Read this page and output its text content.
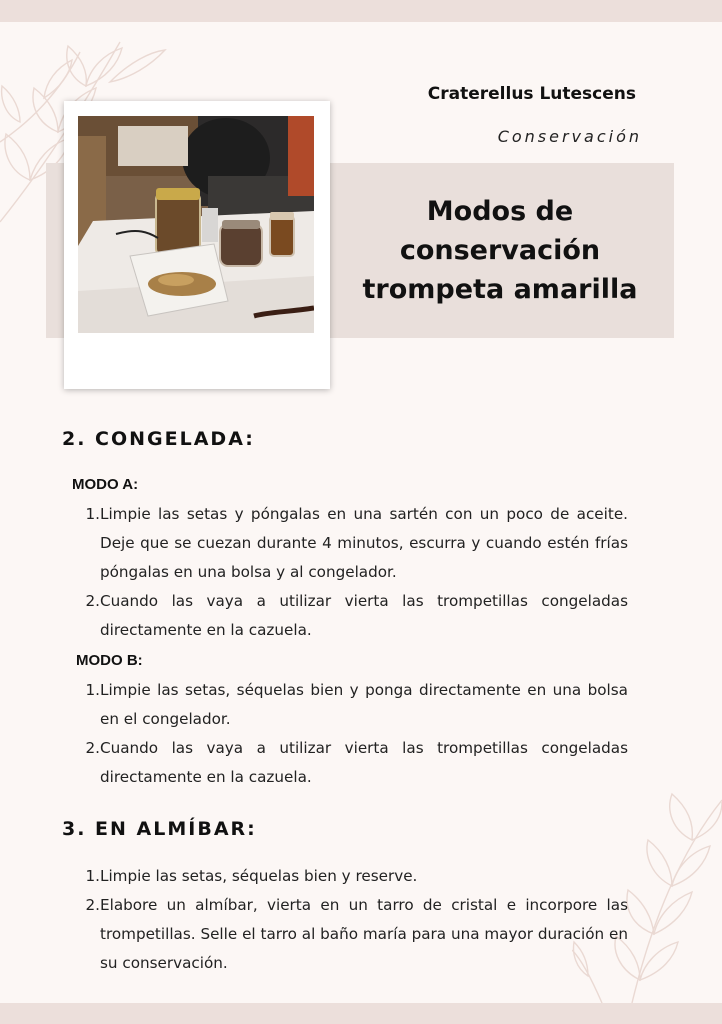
Craterellus Lutescens

Conservación

Modos de conservación trompeta amarilla
2. CONGELADA:

MODO A:

1. Limpie las setas y póngalas en una sartén con un poco de aceite. Deje que se cuezan durante 4 minutos, escurra y cuando estén frías póngalas en una bolsa y al congelador.
2. Cuando las vaya a utilizar vierta las trompetillas congeladas directamente en la cazuela.

MODO B:

1. Limpie las setas, séquelas bien y ponga directamente en una bolsa en el congelador.
2. Cuando las vaya a utilizar vierta las trompetillas congeladas directamente en la cazuela.
3. EN ALMÍBAR:
1. Limpie las setas, séquelas bien y reserve.
2. Elabore un almíbar, vierta en un tarro de cristal e incorpore las trompetillas. Selle el tarro al baño maría para una mayor duración en su conservación.
